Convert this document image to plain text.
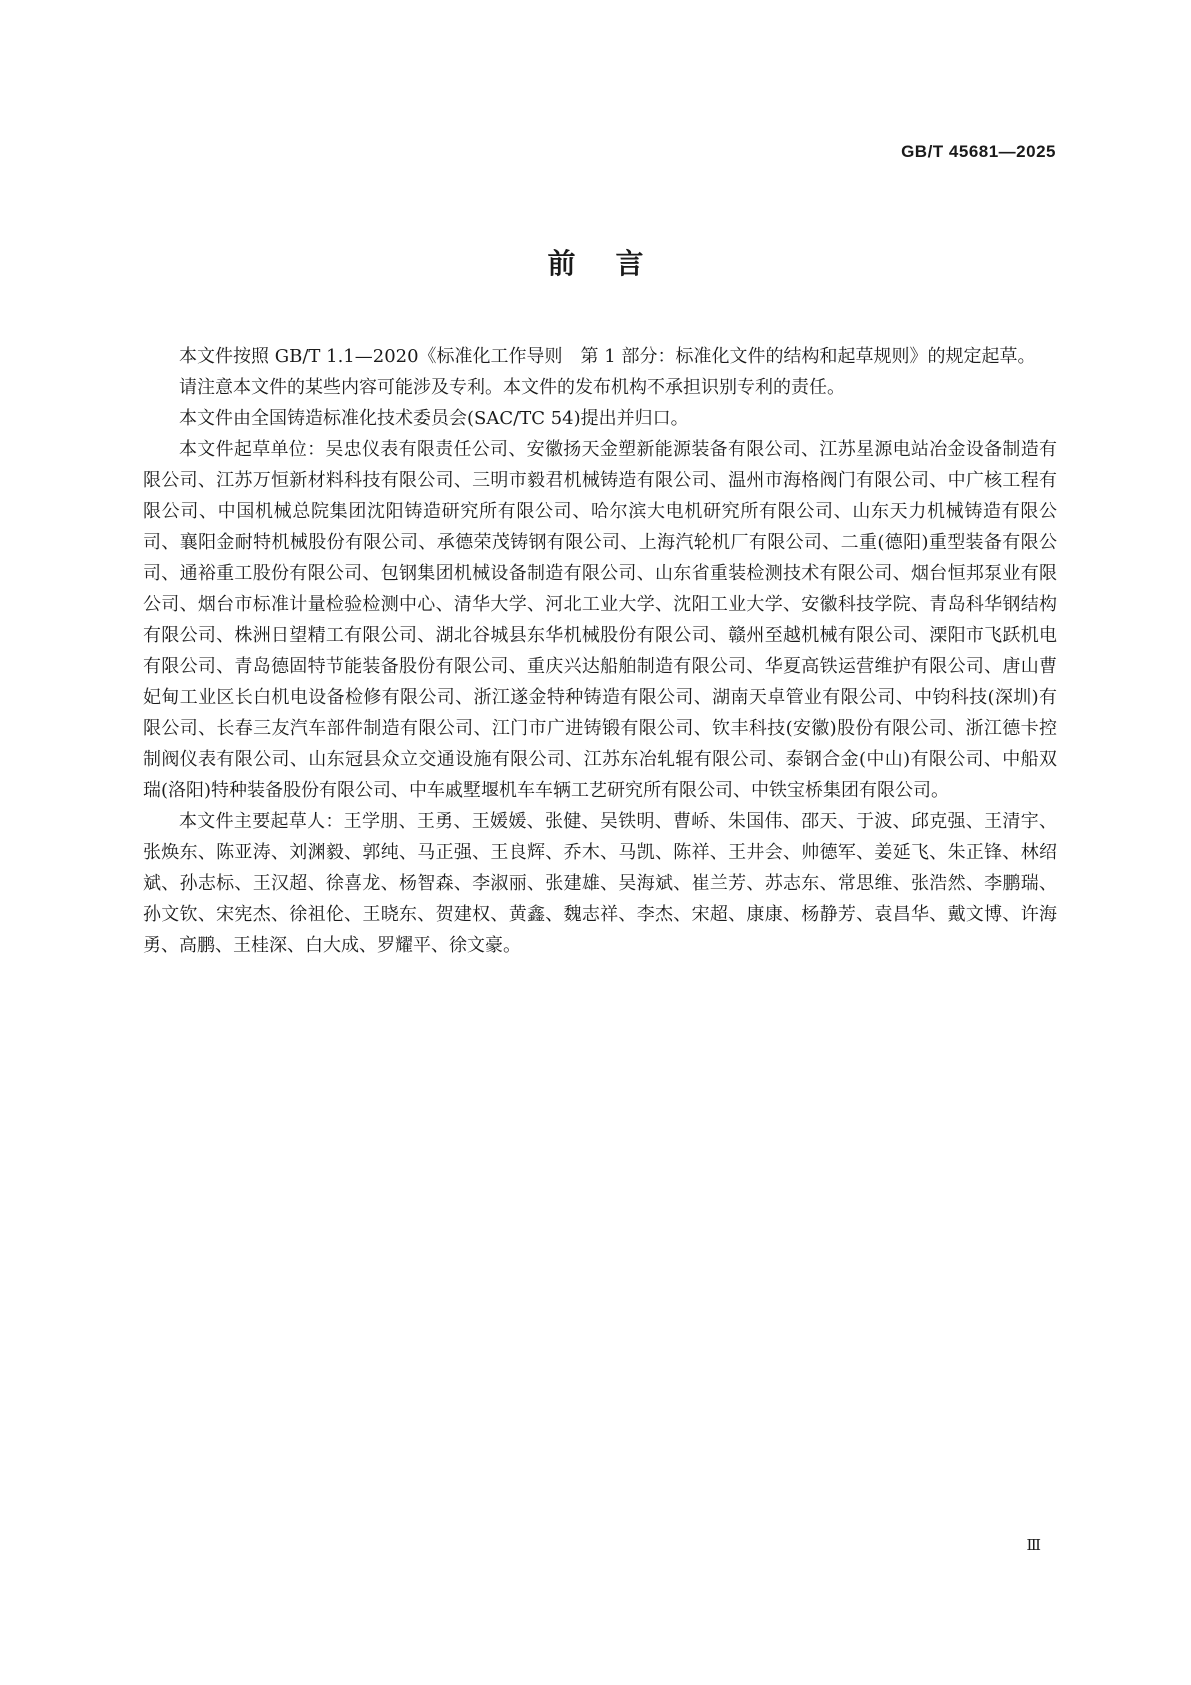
GB/T 45681—2025
前言

本文件按照 GB/T 1.1—2020《标准化工作导则　第 1 部分：标准化文件的结构和起草规则》的规定起草。

请注意本文件的某些内容可能涉及专利。本文件的发布机构不承担识别专利的责任。

本文件由全国铸造标准化技术委员会(SAC/TC 54)提出并归口。

本文件起草单位：吴忠仪表有限责任公司、安徽扬天金塑新能源装备有限公司、江苏星源电站冶金设备制造有限公司、江苏万恒新材料科技有限公司、三明市毅君机械铸造有限公司、温州市海格阀门有限公司、中广核工程有限公司、中国机械总院集团沈阳铸造研究所有限公司、哈尔滨大电机研究所有限公司、山东天力机械铸造有限公司、襄阳金耐特机械股份有限公司、承德荣茂铸钢有限公司、上海汽轮机厂有限公司、二重(德阳)重型装备有限公司、通裕重工股份有限公司、包钢集团机械设备制造有限公司、山东省重装检测技术有限公司、烟台恒邦泵业有限公司、烟台市标准计量检验检测中心、清华大学、河北工业大学、沈阳工业大学、安徽科技学院、青岛科华钢结构有限公司、株洲日望精工有限公司、湖北谷城县东华机械股份有限公司、赣州至越机械有限公司、溧阳市飞跃机电有限公司、青岛德固特节能装备股份有限公司、重庆兴达船舶制造有限公司、华夏高铁运营维护有限公司、唐山曹妃甸工业区长白机电设备检修有限公司、浙江遂金特种铸造有限公司、湖南天卓管业有限公司、中钧科技(深圳)有限公司、长春三友汽车部件制造有限公司、江门市广进铸锻有限公司、钦丰科技(安徽)股份有限公司、浙江德卡控制阀仪表有限公司、山东冠县众立交通设施有限公司、江苏东冶轧辊有限公司、泰钢合金(中山)有限公司、中船双瑞(洛阳)特种装备股份有限公司、中车戚墅堰机车车辆工艺研究所有限公司、中铁宝桥集团有限公司。

本文件主要起草人：王学朋、王勇、王媛媛、张健、吴铁明、曹峤、朱国伟、邵天、于波、邱克强、王清宇、张焕东、陈亚涛、刘渊毅、郭纯、马正强、王良辉、乔木、马凯、陈祥、王井会、帅德军、姜延飞、朱正锋、林绍斌、孙志标、王汉超、徐喜龙、杨智森、李淑丽、张建雄、吴海斌、崔兰芳、苏志东、常思维、张浩然、李鹏瑞、孙文钦、宋宪杰、徐祖伦、王晓东、贺建权、黄鑫、魏志祥、李杰、宋超、康康、杨静芳、袁昌华、戴文博、许海勇、高鹏、王桂深、白大成、罗耀平、徐文豪。

Ⅲ
